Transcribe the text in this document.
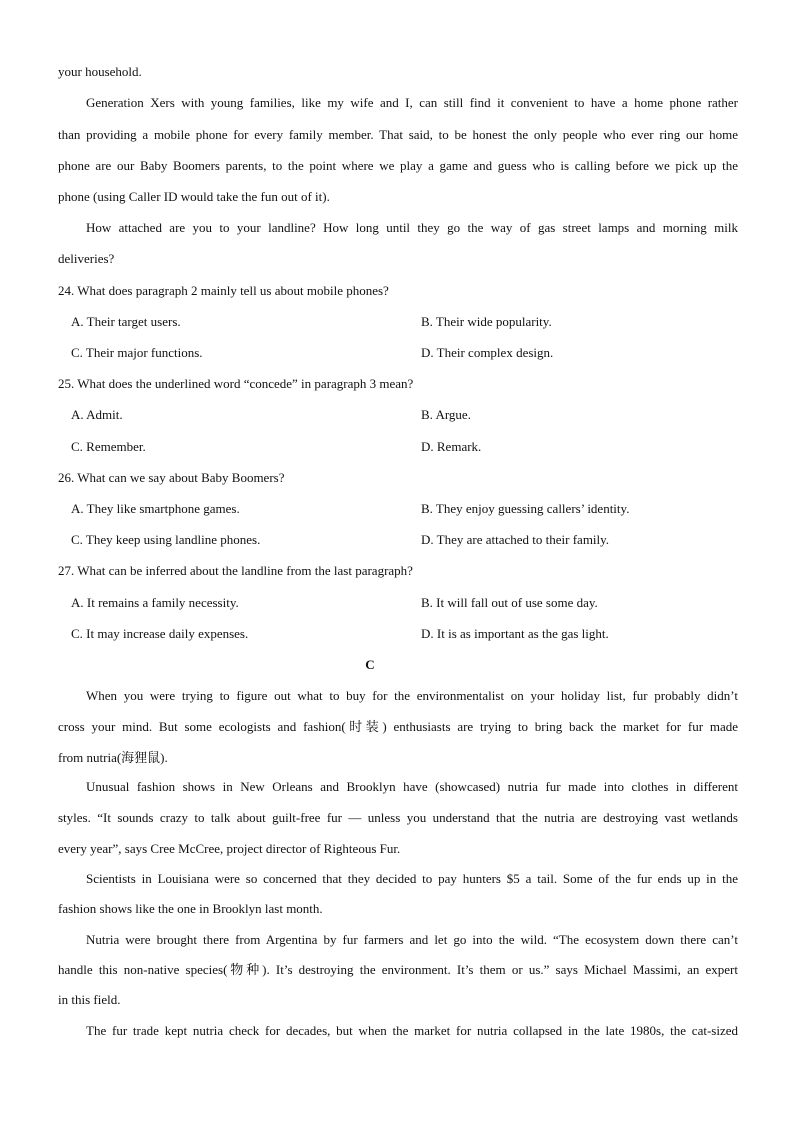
your household.
Generation Xers with young families, like my wife and I, can still find it convenient to have a home phone rather
than providing a mobile phone for every family member. That said, to be honest the only people who ever ring our home
phone are our Baby Boomers parents, to the point where we play a game and guess who is calling before we pick up the
phone (using Caller ID would take the fun out of it).
How attached are you to your landline? How long until they go the way of gas street lamps and morning milk
deliveries?
24. What does paragraph 2 mainly tell us about mobile phones?
A. Their target users.	B. Their wide popularity.
C. Their major functions.	D. Their complex design.
25. What does the underlined word “concede” in paragraph 3 mean?
A. Admit.	B. Argue.
C. Remember.	D. Remark.
26. What can we say about Baby Boomers?
A. They like smartphone games.	B. They enjoy guessing callers’ identity.
C. They keep using landline phones.	D. They are attached to their family.
27. What can be inferred about the landline from the last paragraph?
A. It remains a family necessity.	B. It will fall out of use some day.
C. It may increase daily expenses.	D. It is as important as the gas light.
C
When you were trying to figure out what to buy for the environmentalist on your holiday list, fur probably didn’t
cross your mind. But some ecologists and fashion(时装) enthusiasts are trying to bring back the market for fur made
from nutria(海狸鼠).
Unusual fashion shows in New Orleans and Brooklyn have (showcased) nutria fur made into clothes in different
styles. “It sounds crazy to talk about guilt-free fur — unless you understand that the nutria are destroying vast wetlands
every year”, says Cree McCree, project director of Righteous Fur.
Scientists in Louisiana were so concerned that they decided to pay hunters $5 a tail. Some of the fur ends up in the
fashion shows like the one in Brooklyn last month.
Nutria were brought there from Argentina by fur farmers and let go into the wild. “The ecosystem down there can’t
handle this non-native species(物种). It’s destroying the environment. It’s them or us.” says Michael Massimi, an expert
in this field.
The fur trade kept nutria check for decades, but when the market for nutria collapsed in the late 1980s, the cat-sized
